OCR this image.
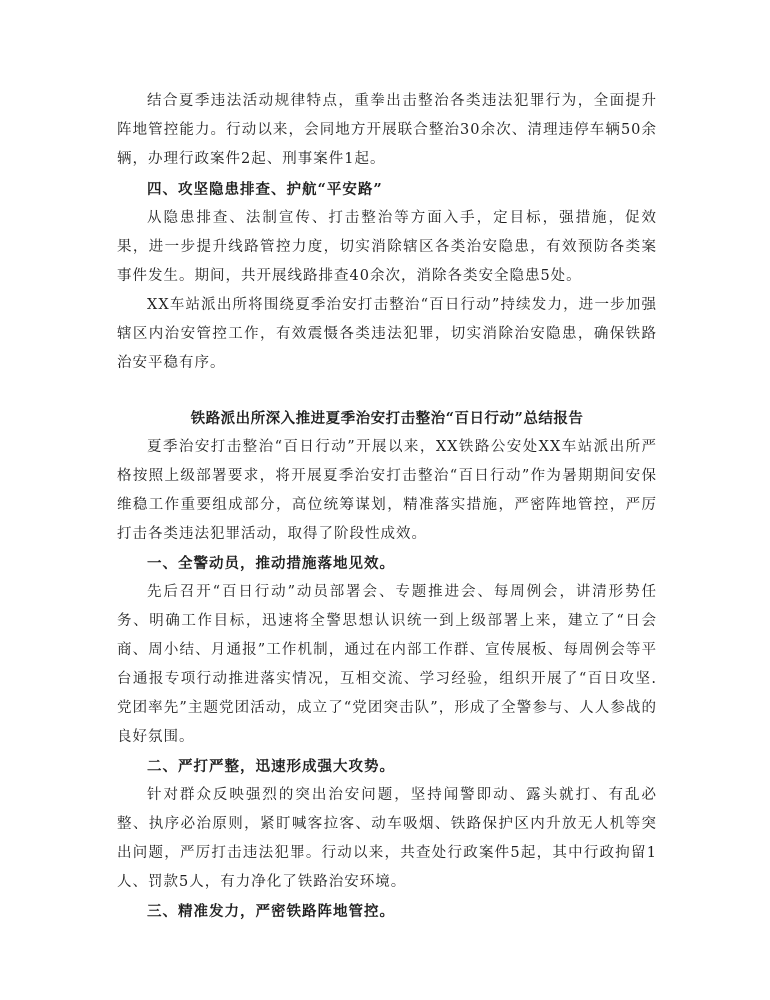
结合夏季违法活动规律特点，重拳出击整治各类违法犯罪行为，全面提升阵地管控能力。行动以来，会同地方开展联合整治30余次、清理违停车辆50余辆，办理行政案件2起、刑事案件1起。

四、攻坚隐患排查、护航“平安路”

从隐患排查、法制宣传、打击整治等方面入手，定目标，强措施，促效果，进一步提升线路管控力度，切实消除辖区各类治安隐患，有效预防各类案事件发生。期间，共开展线路排查40余次，消除各类安全隐患5处。

XX车站派出所将围绕夏季治安打击整治“百日行动”持续发力，进一步加强辖区内治安管控工作，有效震慑各类违法犯罪，切实消除治安隐患，确保铁路治安平稳有序。

铁路派出所深入推进夏季治安打击整治“百日行动”总结报告

夏季治安打击整治“百日行动”开展以来，XX铁路公安处XX车站派出所严格按照上级部署要求，将开展夏季治安打击整治“百日行动”作为暑期期间安保维稳工作重要组成部分，高位统筹谋划，精准落实措施，严密阵地管控，严厉打击各类违法犯罪活动，取得了阶段性成效。

一、全警动员，推动措施落地见效。

先后召开“百日行动”动员部署会、专题推进会、每周例会，讲清形势任务、明确工作目标，迅速将全警思想认识统一到上级部署上来，建立了“日会商、周小结、月通报”工作机制，通过在内部工作群、宣传展板、每周例会等平台通报专项行动推进落实情况，互相交流、学习经验，组织开展了“百日攻坚.党团率先”主题党团活动，成立了“党团突击队”，形成了全警参与、人人参战的良好氛围。

二、严打严整，迅速形成强大攻势。

针对群众反映强烈的突出治安问题，坚持闻警即动、露头就打、有乱必整、执序必治原则，紧盯喊客拉客、动车吸烟、铁路保护区内升放无人机等突出问题，严厉打击违法犯罪。行动以来，共查处行政案件5起，其中行政拘留1人、罚款5人，有力净化了铁路治安环境。

三、精准发力，严密铁路阵地管控。
